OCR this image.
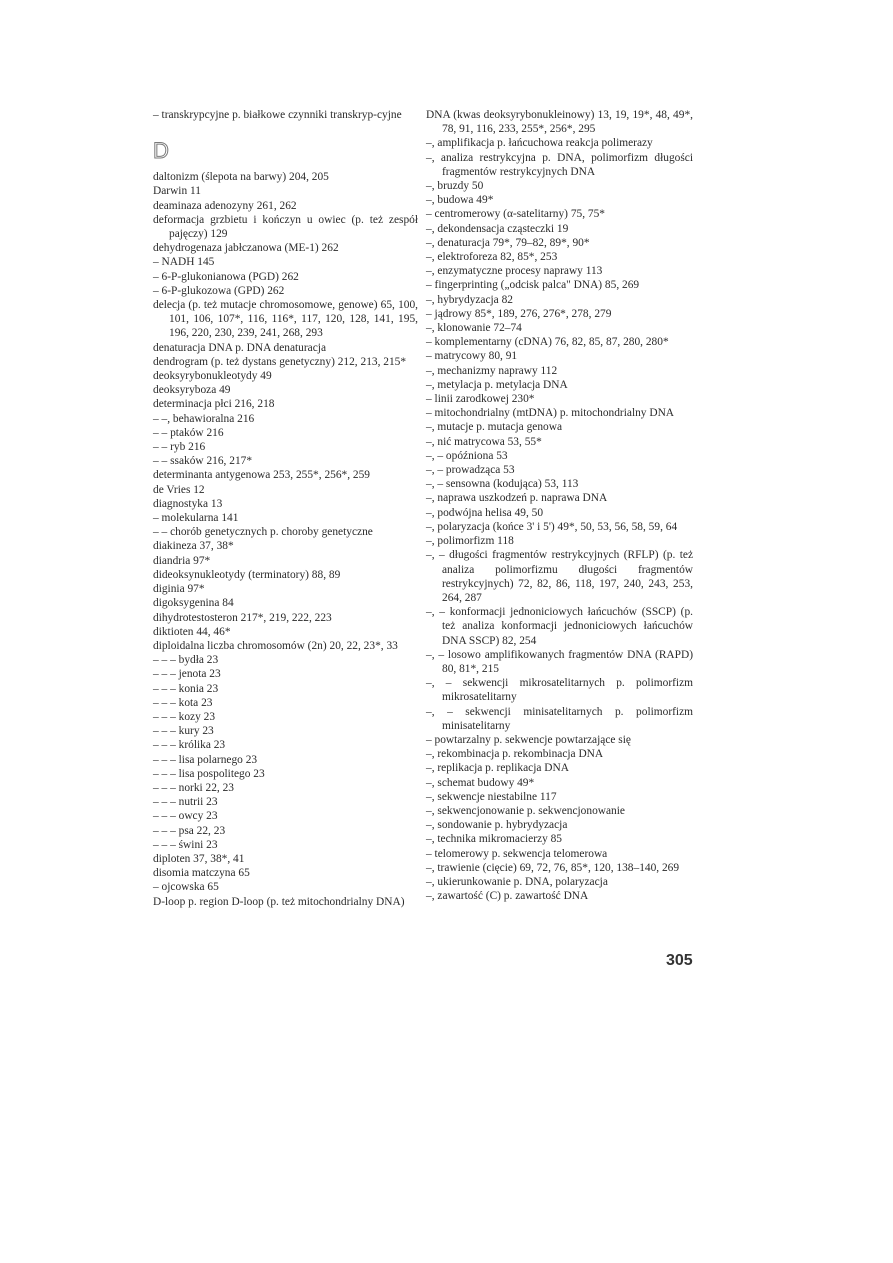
– transkrypcyjne p. białkowe czynniki transkryp-cyjne
D
daltonizm (ślepota na barwy) 204, 205
Darwin 11
deaminaza adenozyny 261, 262
deformacja grzbietu i kończyn u owiec (p. też zespół pajęczy) 129
dehydrogenaza jabłczanowa (ME-1) 262
– NADH 145
– 6-P-glukonianowa (PGD) 262
– 6-P-glukozowa (GPD) 262
delecja (p. też mutacje chromosomowe, genowe) 65, 100, 101, 106, 107*, 116, 116*, 117, 120, 128, 141, 195, 196, 220, 230, 239, 241, 268, 293
denaturacja DNA p. DNA denaturacja
dendrogram (p. też dystans genetyczny) 212, 213, 215*
deoksyrybonukleotydy 49
deoksyryboza 49
determinacja płci 216, 218
– –, behawioralna 216
– – ptaków 216
– – ryb 216
– – ssaków 216, 217*
determinanta antygenowa 253, 255*, 256*, 259
de Vries 12
diagnostyka 13
– molekularna 141
– – chorób genetycznych p. choroby genetyczne
diakineza 37, 38*
diandria 97*
dideoksynukleotydy (terminatory) 88, 89
diginia 97*
digoksygenina 84
dihydrotestosteron 217*, 219, 222, 223
diktioten 44, 46*
diploidalna liczba chromosomów (2n) 20, 22, 23*, 33
– – – bydła 23
– – – jenota 23
– – – konia 23
– – – kota 23
– – – kozy 23
– – – kury 23
– – – królika 23
– – – lisa polarnego 23
– – – lisa pospolitego 23
– – – norki 22, 23
– – – nutrii 23
– – – owcy 23
– – – psa 22, 23
– – – świni 23
diploten 37, 38*, 41
disomia matczyna 65
– ojcowska 65
D-loop p. region D-loop (p. też mitochondrialny DNA)
DNA (kwas deoksyrybonukleinowy) 13, 19, 19*, 48, 49*, 78, 91, 116, 233, 255*, 256*, 295
–, amplifikacja p. łańcuchowa reakcja polimerazy
–, analiza restrykcyjna p. DNA, polimorfizm długości fragmentów restrykcyjnych DNA
–, bruzdy 50
–, budowa 49*
– centromerowy (α-satelitarny) 75, 75*
–, dekondensacja cząsteczki 19
–, denaturacja 79*, 79–82, 89*, 90*
–, elektroforeza 82, 85*, 253
–, enzymatyczne procesy naprawy 113
– fingerprinting („odcisk palca" DNA) 85, 269
–, hybrydyzacja 82
– jądrowy 85*, 189, 276, 276*, 278, 279
–, klonowanie 72–74
– komplementarny (cDNA) 76, 82, 85, 87, 280, 280*
– matrycowy 80, 91
–, mechanizmy naprawy 112
–, metylacja p. metylacja DNA
– linii zarodkowej 230*
– mitochondrialny (mtDNA) p. mitochondrialny DNA
–, mutacje p. mutacja genowa
–, nić matrycowa 53, 55*
–, – opóźniona 53
–, – prowadząca 53
–, – sensowna (kodująca) 53, 113
–, naprawa uszkodzeń p. naprawa DNA
–, podwójna helisa 49, 50
–, polaryzacja (końce 3' i 5') 49*, 50, 53, 56, 58, 59, 64
–, polimorfizm 118
–, – długości fragmentów restrykcyjnych (RFLP) (p. też analiza polimorfizmu długości fragmentów restrykcyjnych) 72, 82, 86, 118, 197, 240, 243, 253, 264, 287
–, – konformacji jednoniciowych łańcuchów (SSCP) (p. też analiza konformacji jednoniciowych łańcuchów DNA SSCP) 82, 254
–, – losowo amplifikowanych fragmentów DNA (RAPD) 80, 81*, 215
–, – sekwencji mikrosatelitarnych p. polimorfizm mikrosatelitarny
–, – sekwencji minisatelitarnych p. polimorfizm minisatelitarny
– powtarzalny p. sekwencje powtarzające się
–, rekombinacja p. rekombinacja DNA
–, replikacja p. replikacja DNA
–, schemat budowy 49*
–, sekwencje niestabilne 117
–, sekwencjonowanie p. sekwencjonowanie
–, sondowanie p. hybrydyzacja
–, technika mikromacierzy 85
– telomerowy p. sekwencja telomerowa
–, trawienie (cięcie) 69, 72, 76, 85*, 120, 138–140, 269
–, ukierunkowanie p. DNA, polaryzacja
–, zawartość (C) p. zawartość DNA
305
